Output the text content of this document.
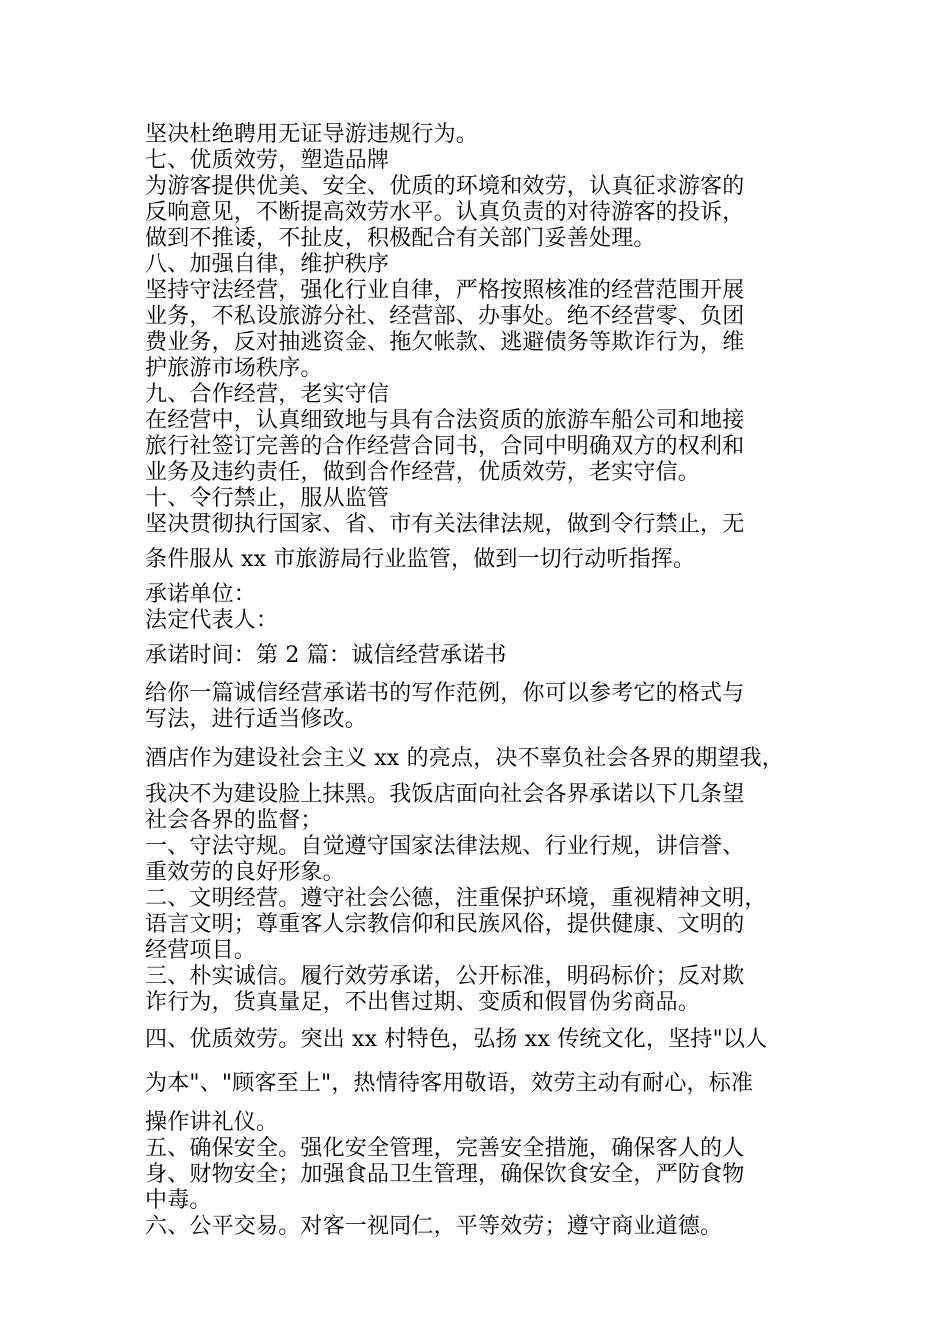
坚决杜绝聘用无证导游违规行为。
七、优质效劳，塑造品牌
为游客提供优美、安全、优质的环境和效劳，认真征求游客的
反响意见，不断提高效劳水平。认真负责的对待游客的投诉，
做到不推诿，不扯皮，积极配合有关部门妥善处理。
八、加强自律，维护秩序
坚持守法经营，强化行业自律，严格按照核准的经营范围开展
业务，不私设旅游分社、经营部、办事处。绝不经营零、负团
费业务，反对抽逃资金、拖欠帐款、逃避债务等欺诈行为，维
护旅游市场秩序。
九、合作经营，老实守信
在经营中，认真细致地与具有合法资质的旅游车船公司和地接
旅行社签订完善的合作经营合同书，合同中明确双方的权利和
业务及违约责任，做到合作经营，优质效劳，老实守信。
十、令行禁止，服从监管
坚决贯彻执行国家、省、市有关法律法规，做到令行禁止，无
条件服从 xx 市旅游局行业监管，做到一切行动听指挥。
承诺单位：
法定代表人：
承诺时间：第 2 篇：诚信经营承诺书
给你一篇诚信经营承诺书的写作范例，你可以参考它的格式与
写法，进行适当修改。
酒店作为建设社会主义 xx 的亮点，决不辜负社会各界的期望我，
我决不为建设脸上抹黑。我饭店面向社会各界承诺以下几条望
社会各界的监督；
一、守法守规。自觉遵守国家法律法规、行业行规，讲信誉、
重效劳的良好形象。
二、文明经营。遵守社会公德，注重保护环境，重视精神文明，
语言文明；尊重客人宗教信仰和民族风俗，提供健康、文明的
经营项目。
三、朴实诚信。履行效劳承诺，公开标准，明码标价；反对欺
诈行为，货真量足，不出售过期、变质和假冒伪劣商品。
四、优质效劳。突出 xx 村特色，弘扬 xx 传统文化，坚持"以人
为本"、"顾客至上"，热情待客用敬语，效劳主动有耐心，标准
操作讲礼仪。
五、确保安全。强化安全管理，完善安全措施，确保客人的人
身、财物安全；加强食品卫生管理，确保饮食安全，严防食物
中毒。
六、公平交易。对客一视同仁，平等效劳；遵守商业道德。
